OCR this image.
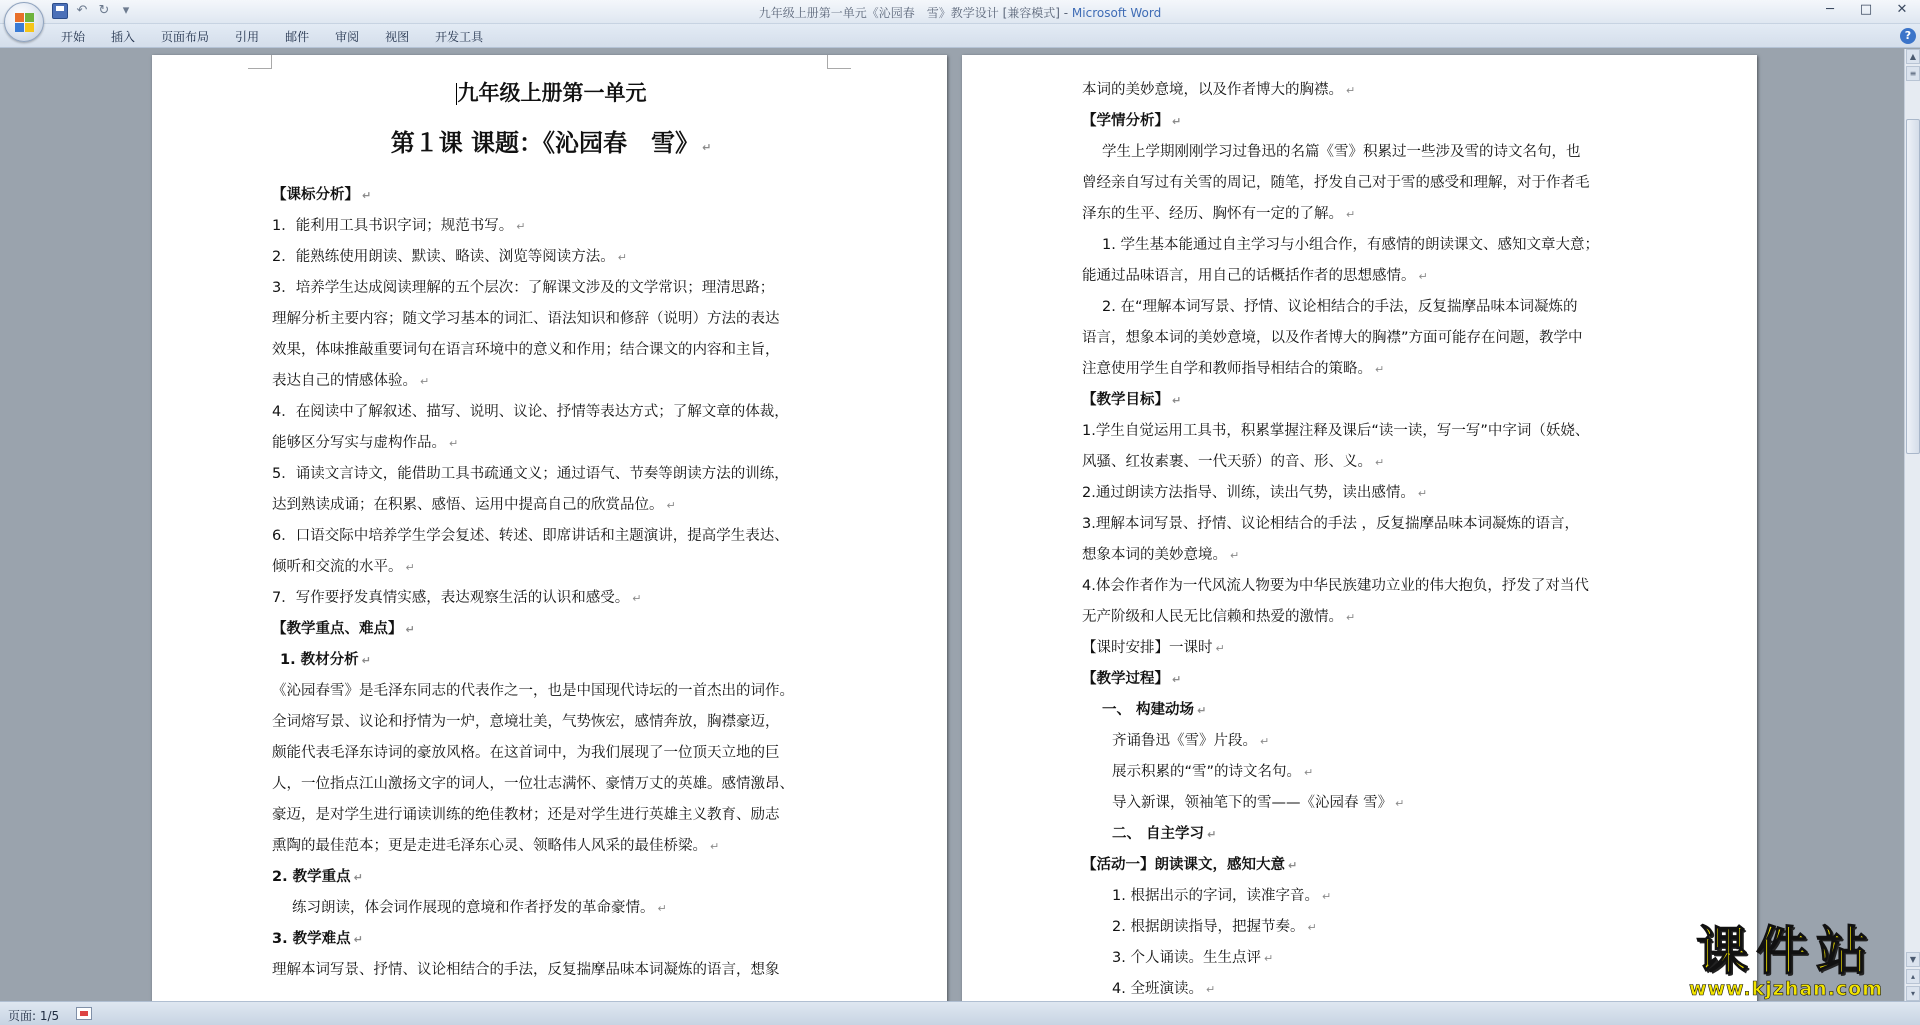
九年级上册第一单元《沁园春　雪》教学设计 [兼容模式] - Microsoft Word
↶ ↻	▾	─	□	✕
开始	插入	页面布局	引用	邮件	审阅	视图	开发工具	?

九年级上册第一单元

第１课 课题：《沁园春　雪》 ↵

【课标分析】 ↵

1．能利用工具书识字词；规范书写。 ↵

2．能熟练使用朗读、默读、略读、浏览等阅读方法。 ↵

3．培养学生达成阅读理解的五个层次：了解课文涉及的文学常识；理清思路；

理解分析主要内容；随文学习基本的词汇、语法知识和修辞（说明）方法的表达

效果，体味推敲重要词句在语言环境中的意义和作用；结合课文的内容和主旨，

表达自己的情感体验。 ↵

4．在阅读中了解叙述、描写、说明、议论、抒情等表达方式；了解文章的体裁，

能够区分写实与虚构作品。 ↵

5．诵读文言诗文，能借助工具书疏通文义；通过语气、节奏等朗读方法的训练，

达到熟读成诵；在积累、感悟、运用中提高自己的欣赏品位。 ↵

6．口语交际中培养学生学会复述、转述、即席讲话和主题演讲，提高学生表达、

倾听和交流的水平。 ↵

7．写作要抒发真情实感，表达观察生活的认识和感受。 ↵

【教学重点、难点】 ↵

1. 教材分析 ↵

《沁园春雪》是毛泽东同志的代表作之一，也是中国现代诗坛的一首杰出的词作。

全词熔写景、议论和抒情为一炉，意境壮美，气势恢宏，感情奔放，胸襟豪迈，

颇能代表毛泽东诗词的豪放风格。在这首词中，为我们展现了一位顶天立地的巨

人，一位指点江山激扬文字的词人，一位壮志满怀、豪情万丈的英雄。感情激昂、

豪迈，是对学生进行诵读训练的绝佳教材；还是对学生进行英雄主义教育、励志

熏陶的最佳范本；更是走进毛泽东心灵、领略伟人风采的最佳桥梁。 ↵

2. 教学重点 ↵

练习朗读，体会词作展现的意境和作者抒发的革命豪情。 ↵

3. 教学难点 ↵

理解本词写景、抒情、议论相结合的手法，反复揣摩品味本词凝炼的语言，想象

本词的美妙意境，以及作者博大的胸襟。 ↵

【学情分析】 ↵

学生上学期刚刚学习过鲁迅的名篇《雪》积累过一些涉及雪的诗文名句，也

曾经亲自写过有关雪的周记，随笔，抒发自己对于雪的感受和理解，对于作者毛

泽东的生平、经历、胸怀有一定的了解。 ↵

1. 学生基本能通过自主学习与小组合作，有感情的朗读课文、感知文章大意；

能通过品味语言，用自己的话概括作者的思想感情。 ↵

2. 在“理解本词写景、抒情、议论相结合的手法，反复揣摩品味本词凝炼的

语言，想象本词的美妙意境，以及作者博大的胸襟”方面可能存在问题，教学中

注意使用学生自学和教师指导相结合的策略。 ↵

【教学目标】 ↵

1.学生自觉运用工具书，积累掌握注释及课后“读一读，写一写”中字词（妖娆、

风骚、红妆素裹、一代天骄）的音、形、义。 ↵

2.通过朗读方法指导、训练，读出气势，读出感情。 ↵

3.理解本词写景、抒情、议论相结合的手法 ，反复揣摩品味本词凝炼的语言，

想象本词的美妙意境。 ↵

4.体会作者作为一代风流人物要为中华民族建功立业的伟大抱负，抒发了对当代

无产阶级和人民无比信赖和热爱的激情。 ↵

【课时安排】一课时 ↵

【教学过程】 ↵

一、 构建动场 ↵

齐诵鲁迅《雪》片段。 ↵

展示积累的“雪”的诗文名句。 ↵

导入新课，领袖笔下的雪——《沁园春 雪》 ↵

二、 自主学习 ↵

【活动一】朗读课文，感知大意 ↵

1. 根据出示的字词，读准字音。 ↵

2. 根据朗读指导，把握节奏。 ↵

3. 个人诵读。生生点评 ↵

4. 全班演读。 ↵

▲
≡
▼
▴
▾
课件站
www.kjzhan.com
页面: 1/5
